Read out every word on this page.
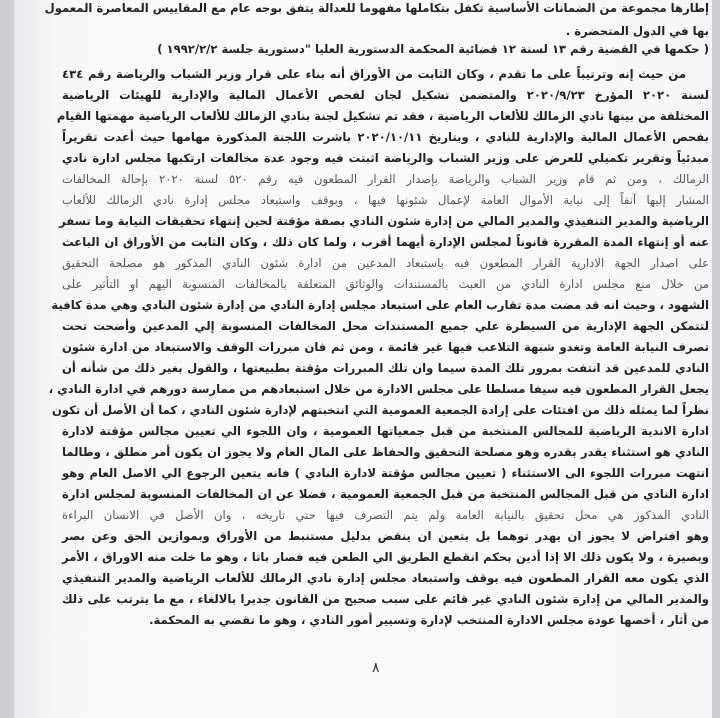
إطارها مجموعة من الضمانات الأساسية تكفل بتكاملها مفهوما للعدالة يتفق بوجه عام مع المقاييس المعاصرة المعمول
بها في الدول المتحضرة .
( حكمها في القضية رقم ١٣ لسنة ١٢ قضائية المحكمة الدستورية العليا "دستورية جلسة ١٩٩٢/٢/٢ )
من حيث إنه وترتيباً على ما تقدم ، وكان الثابت من الأوراق أنه بناء على قرار وزير الشباب والرياضة رقم ٤٣٤
لسنة ٢٠٢٠ المؤرخ ٢٠٢٠/٩/٢٣ والمتضمن تشكيل لجان لفحص الأعمال المالية والإدارية للهيئات الرياضية
المختلفة من بينها نادي الزمالك للألعاب الرياضية ، فقد تم تشكيل لجنة بنادي الزمالك للألعاب الرياضية مهمتها القيام
بفحص الأعمال المالية والإدارية للنادي ، وبتاريخ ٢٠٢٠/١٠/١١ باشرت اللجنة المذكورة مهامها حيث أعدت تقريراً
مبدئياً وتقرير تكميلي للعرض على وزير الشباب والرياضة اثبتت فيه وجود عدة مخالفات ارتكبها مجلس ادارة نادي
الزمالك ، ومن ثم قام وزير الشباب والرياضة بإصدار القرار المطعون فيه رقم ٥٢٠ لسنة ٢٠٢٠ بإحالة المخالفات
المشار إليها آنفاً إلى نيابة الأموال العامة لإعمال شئونها فيها ، وبوقف واستبعاد مجلس إدارة نادي الزمالك للألعاب
الرياضية والمدير التنفيذي والمدير المالي من إدارة شئون النادي بصفة مؤقتة لحين إنتهاء تحقيقات النيابة وما تسفر
عنه أو إنتهاء المدة المقررة قانوناً لمجلس الإدارة أيهما أقرب ، ولما كان ذلك ، وكان الثابت من الأوراق ان الباعث
على اصدار الجهة الادارية القرار المطعون فيه باستبعاد المدعين من ادارة شئون النادي المذكور هو مصلحة التحقيق
من خلال منع مجلس ادارة النادي من العبث بالمستندات والوثائق المتعلقة بالمخالفات المنسوبة اليهم او التأثير على
الشهود ، وحيث انه قد مضت مدة تقارب العام على استبعاد مجلس إدارة النادي من إدارة شئون النادي وهي مدة كافية
لتتمكن الجهة الإدارية من السيطرة علي جميع المستندات محل المخالفات المنسوبة إلي المدعين وأضحت تحت
تصرف النيابة العامة وتغدو شبهة التلاعب فيها غير قائمة ، ومن ثم فان مبررات الوقف والاستبعاد من ادارة شئون
النادي للمدعين قد انتفت بمرور تلك المدة سيما وان تلك المبررات مؤقتة بطبيعتها ، والقول بغير ذلك من شأنه أن
يجعل القرار المطعون فيه سيفا مسلطا على مجلس الادارة من خلال استبعادهم من ممارسة دورهم في ادارة النادي ،
نظراً لما يمثله ذلك من افتئات على إرادة الجمعية العمومية التي انتخبتهم لإدارة شئون النادي ، كما أن الأصل أن تكون
ادارة الاندية الرياضية للمجالس المنتخبة من قبل جمعياتها العمومية ، وان اللجوء الي تعيين مجالس مؤقتة لادارة
النادي هو استثناء يقدر بقدره وهو مصلحة التحقيق والحفاظ على المال العام ولا يجوز ان يكون أمر مطلق ، وطالما
انتهت مبررات اللجوء الى الاستثناء ( تعيين مجالس مؤقتة لادارة النادي ) فانه يتعين الرجوع الي الاصل العام وهو
ادارة النادي من قبل المجالس المنتخبة من قبل الجمعية العمومية ، فضلا عن ان المخالفات المنسوبة لمجلس ادارة
النادي المذكور هي محل تحقيق بالنيابة العامة ولم يتم التصرف فيها حتي تاريخه ، وان الأصل في الانسان البراءة
وهو افتراض لا يجوز ان يهدر توهما بل يتعين ان ينقض بدليل مستنبط من الأوراق وبموازين الحق وعن بصر
وبصيرة ، ولا يكون ذلك الا إذا أدين بحكم انقطع الطريق الي الطعن فيه فصار باتا ، وهو ما خلت منه الاوراق ، الأمر
الذي يكون معه القرار المطعون فيه بوقف واستبعاد مجلس إدارة نادي الزمالك للألعاب الرياضية والمدير التنفيذي
والمدير المالي من إدارة شئون النادي غير قائم على سبب صحيح من القانون جديرا بالالغاء ، مع ما يترتب على ذلك
من أثار ، أخصها عودة مجلس الادارة المنتخب لإدارة وتسيير أمور النادي ، وهو ما تقضي به المحكمة.
٨
